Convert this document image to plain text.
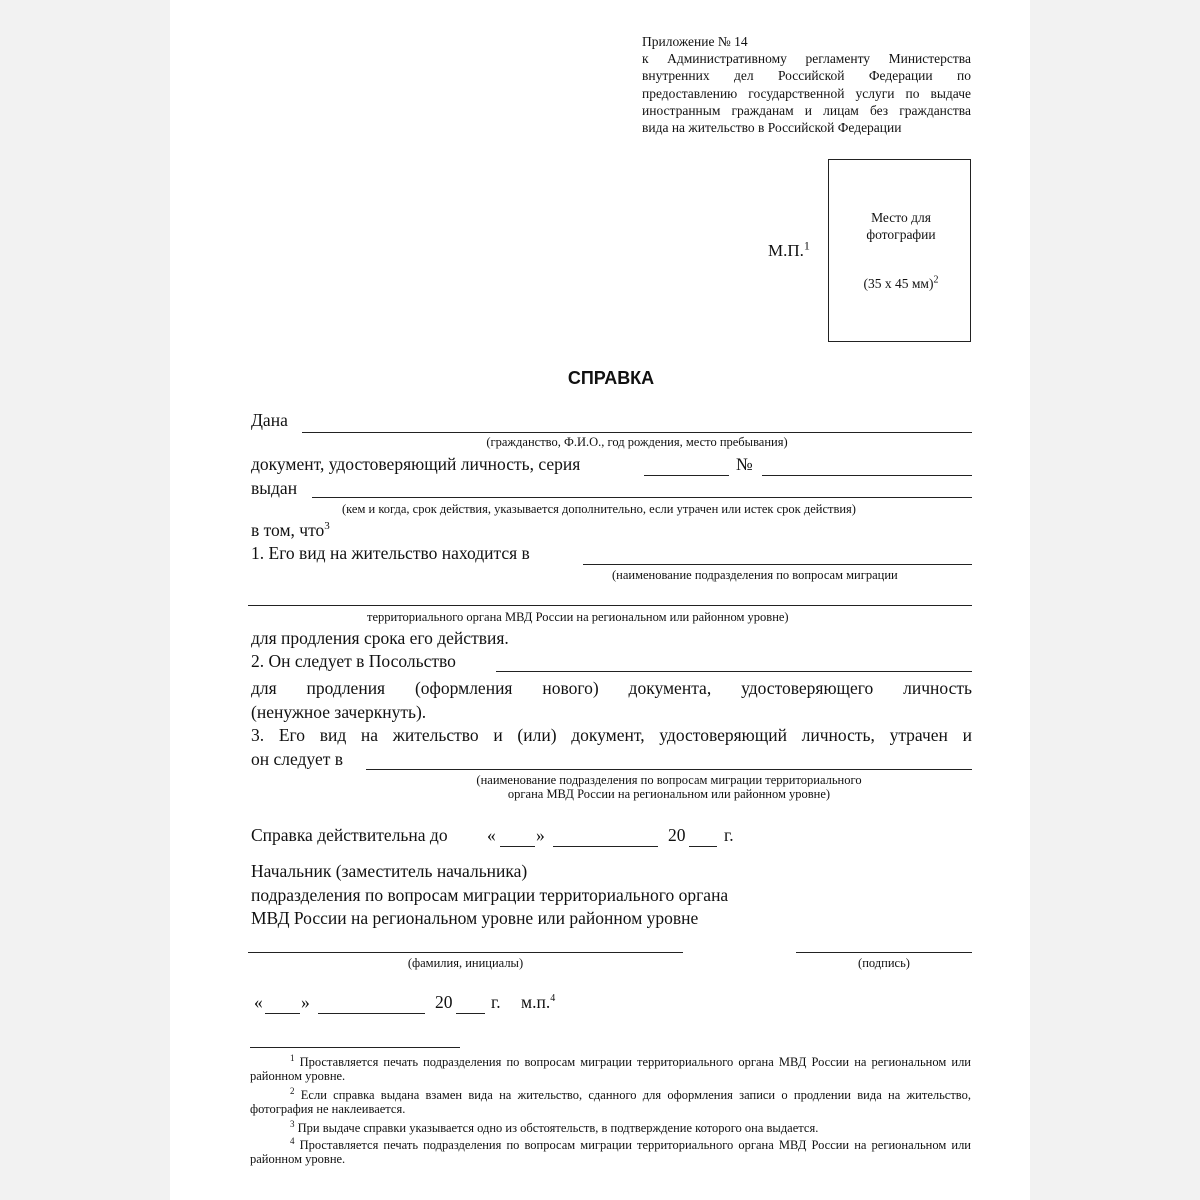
Приложение № 14
к Административному регламенту Министерства
внутренних дел Российской Федерации по
предоставлению государственной услуги по выдаче
иностранным гражданам и лицам без гражданства
вида на жительство в Российской Федерации
М.П.$^1$
Место для
фотографии
(35 х 45 мм)$^2$
СПРАВКА
Дана
(гражданство, Ф.И.О., год рождения, место пребывания)
документ, удостоверяющий личность, серия	№
выдан
(кем и когда, срок действия, указывается дополнительно, если утрачен или истек срок действия)
в том, что$^3$
1. Его вид на жительство находится в
(наименование подразделения по вопросам миграции
территориального органа МВД России на региональном или районном уровне)
для продления срока его действия.
2. Он следует в Посольство
для продления (оформления нового) документа, удостоверяющего личность
(ненужное зачеркнуть).
3. Его вид на жительство и (или) документ, удостоверяющий личность, утрачен и
он следует в
(наименование подразделения по вопросам миграции территориального
органа МВД России на региональном или районном уровне)
Справка действительна до « »	20 г.
Начальник (заместитель начальника)
подразделения по вопросам миграции территориального органа
МВД России на региональном уровне или районном уровне
(фамилия, инициалы)	(подпись)
« »	20 г. м.п.$^4$
$^1$ Проставляется печать подразделения по вопросам миграции территориального органа МВД России на региональном или районном уровне.
$^2$ Если справка выдана взамен вида на жительство, сданного для оформления записи о продлении вида на жительство, фотография не наклеивается.
$^3$ При выдаче справки указывается одно из обстоятельств, в подтверждение которого она выдается.
$^4$ Проставляется печать подразделения по вопросам миграции территориального органа МВД России на региональном или районном уровне.
